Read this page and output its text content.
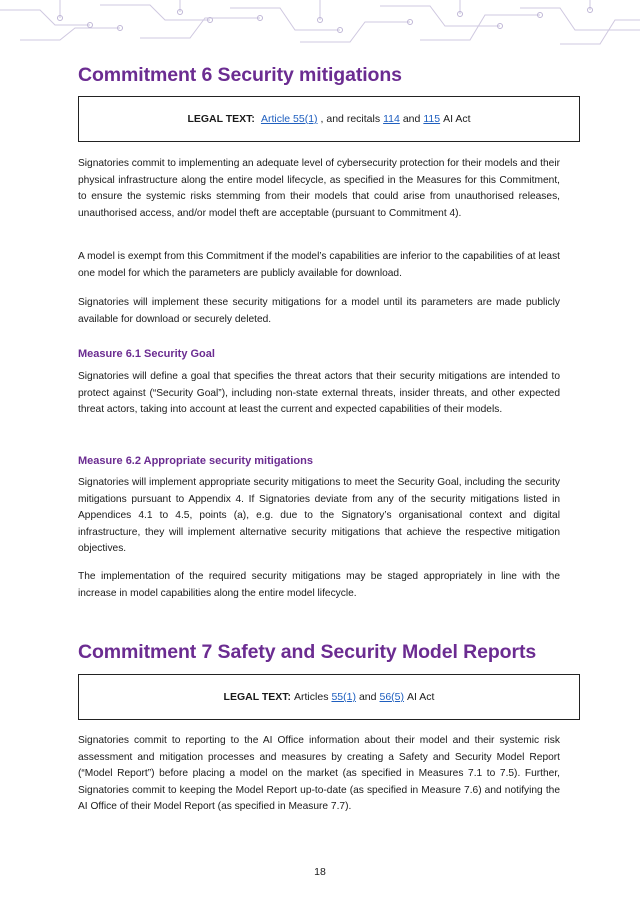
Commitment 6 Security mitigations
LEGAL TEXT: Article 55(1) , and recitals 114 and 115 AI Act

Signatories commit to implementing an adequate level of cybersecurity protection for their models and their physical infrastructure along the entire model lifecycle, as specified in the Measures for this Commitment, to ensure the systemic risks stemming from their models that could arise from unauthorised releases, unauthorised access, and/or model theft are acceptable (pursuant to Commitment 4).

A model is exempt from this Commitment if the model’s capabilities are inferior to the capabilities of at least one model for which the parameters are publicly available for download.

Signatories will implement these security mitigations for a model until its parameters are made publicly available for download or securely deleted.

Measure 6.1 Security Goal

Signatories will define a goal that specifies the threat actors that their security mitigations are intended to protect against (“Security Goal”), including non-state external threats, insider threats, and other expected threat actors, taking into account at least the current and expected capabilities of their models.

Measure 6.2 Appropriate security mitigations

Signatories will implement appropriate security mitigations to meet the Security Goal, including the security mitigations pursuant to Appendix 4. If Signatories deviate from any of the security mitigations listed in Appendices 4.1 to 4.5, points (a), e.g. due to the Signatory’s organisational context and digital infrastructure, they will implement alternative security mitigations that achieve the respective mitigation objectives.

The implementation of the required security mitigations may be staged appropriately in line with the increase in model capabilities along the entire model lifecycle.

Commitment 7 Safety and Security Model Reports
LEGAL TEXT: Articles 55(1) and 56(5) AI Act

Signatories commit to reporting to the AI Office information about their model and their systemic risk assessment and mitigation processes and measures by creating a Safety and Security Model Report (“Model Report”) before placing a model on the market (as specified in Measures 7.1 to 7.5). Further, Signatories commit to keeping the Model Report up-to-date (as specified in Measure 7.6) and notifying the AI Office of their Model Report (as specified in Measure 7.7).

18
